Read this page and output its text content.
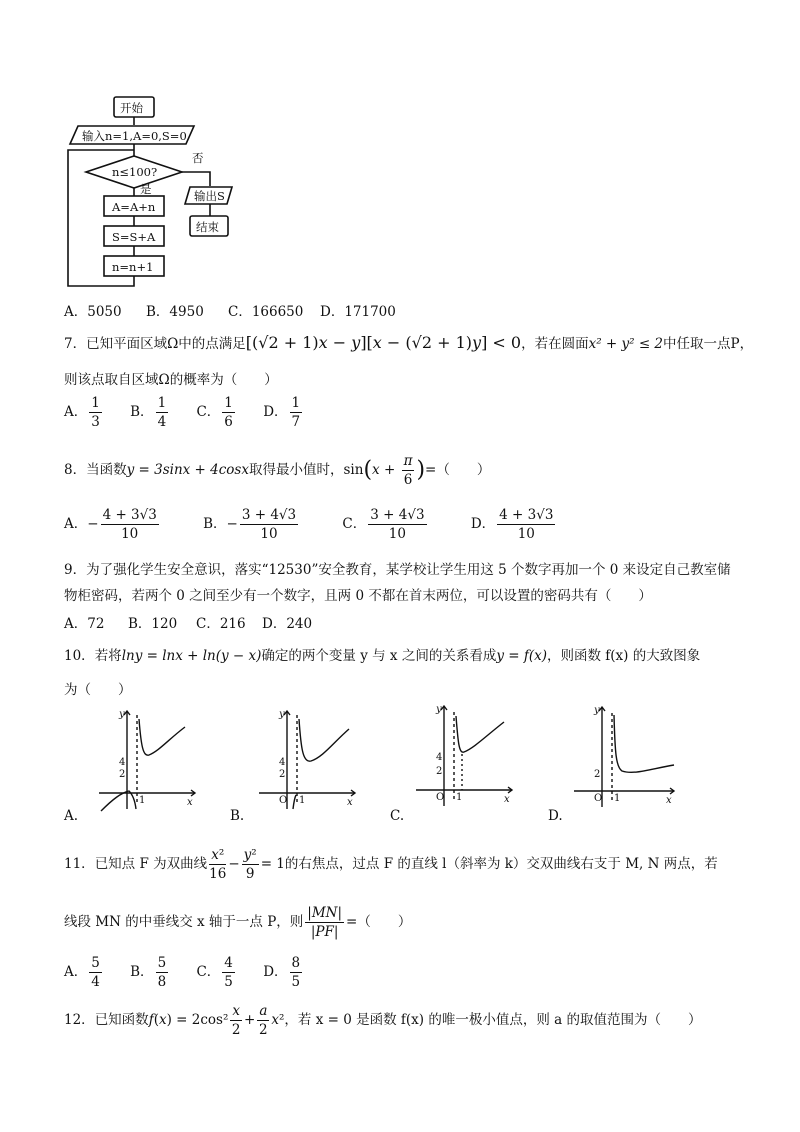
开始
输入n=1,A=0,S=0
n≤100?
是
否
A=A+n
S=S+A
n=n+1
输出S
结束
A．5050 B．4950 C．166650 D．171700
7．已知平面区域Ω中的点满足[(√2 + 1)x − y][x − (√2 + 1)y] < 0，若在圆面x² + y² ≤ 2中任取一点P，
则该点取自区域Ω的概率为（　　）
A． $\frac{1}{3}$ B． $\frac{1}{4}$ C． $\frac{1}{6}$ D． $\frac{1}{7}$
8．当函数y = 3sinx + 4cosx取得最小值时，$\sin(x + \frac{\pi}{6}$ )=（　　）
A．− $\frac{4 + 3√3}{10}$	B．− $\frac{3 + 4√3}{10}$	C． $\frac{3 + 4√3}{10}$	D． $\frac{4 + 3√3}{10}$
9．为了强化学生安全意识，落实“12530”安全教育，某学校让学生用这 5 个数字再加一个 0 来设定自己教室储
物柜密码，若两个 0 之间至少有一个数字，且两 0 不都在首末两位，可以设置的密码共有（　　）
A．72 B．120 C．216 D．240
10．若将lny = lnx + ln(y − x)确定的两个变量 y 与 x 之间的关系看成y = f(x)，则函数 f(x) 的大致图象
为（　　）
y
4
2
1	x
y
4
2
O 1	x
y
4
2
O 1	x
y
2
O 1	x
A.	B.	C.	D.
11．已知点 F 为双曲线 $\frac{\text{x²}}{16} - \frac{\text{y²}}{9} = 1$的右焦点，过点 F 的直线 l（斜率为 k）交双曲线右支于 M, N 两点，若
线段 MN 的中垂线交 x 轴于一点 P，则 $\frac{|MN|}{|PF|}$ =（　　）
A． $\frac{5}{4}$ B． $\frac{5}{8}$ C． $\frac{4}{5}$ D． $\frac{8}{5}$
12．已知函数$f(x) = 2\cos^2 \frac{x}{2} + \frac{a}{2} x^2$，若 x = 0 是函数 f(x) 的唯一极小值点，则 a 的取值范围为（　　）
